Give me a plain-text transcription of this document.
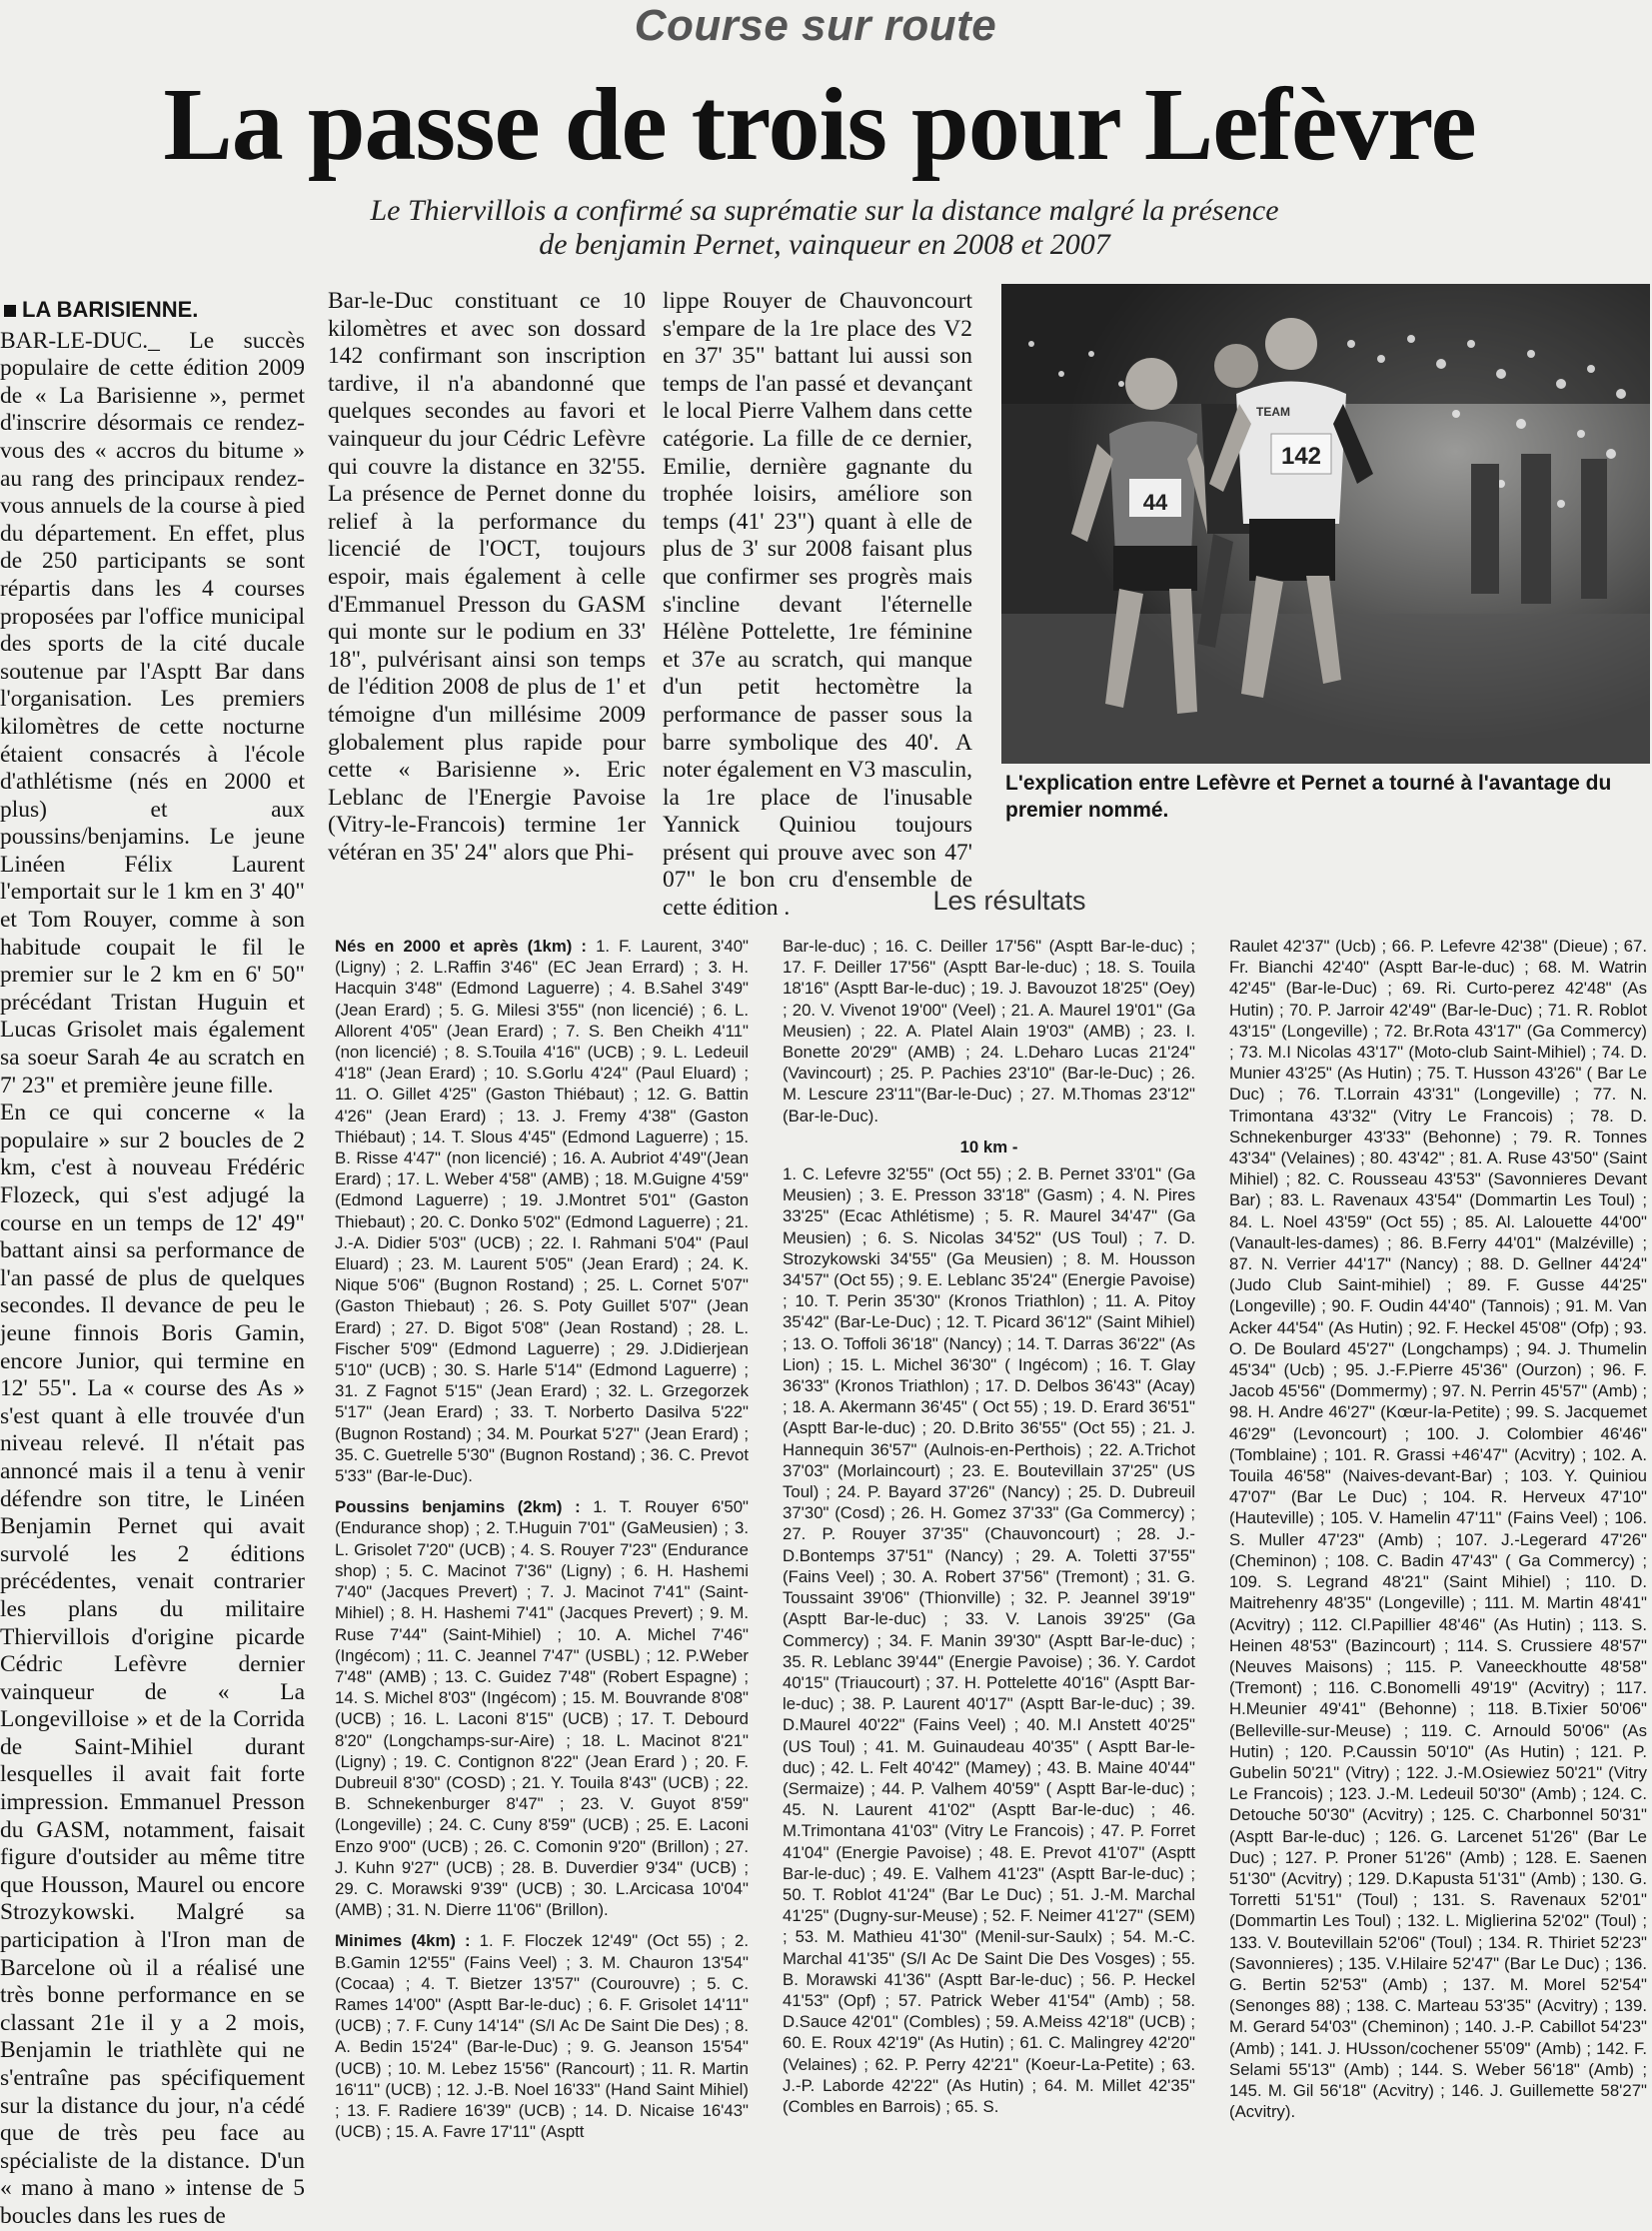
Course sur route
La passe de trois pour Lefèvre
Le Thiervillois a confirmé sa suprématie sur la distance malgré la présence
de benjamin Pernet, vainqueur en 2008 et 2007
LA BARISIENNE.

BAR-LE-DUC._ Le succès populaire de cette édition 2009 de « La Barisienne », permet d'inscrire désormais ce rendez-vous des « accros du bitume » au rang des principaux rendez-vous annuels de la course à pied du département. En effet, plus de 250 participants se sont répartis dans les 4 courses proposées par l'office municipal des sports de la cité ducale soutenue par l'Asptt Bar dans l'organisation. Les premiers kilomètres de cette nocturne étaient consacrés à l'école d'athlétisme (nés en 2000 et plus) et aux poussins/benjamins. Le jeune Linéen Félix Laurent l'emportait sur le 1 km en 3' 40" et Tom Rouyer, comme à son habitude coupait le fil le premier sur le 2 km en 6' 50" précédant Tristan Huguin et Lucas Grisolet mais également sa soeur Sarah 4e au scratch en 7' 23" et première jeune fille.

En ce qui concerne « la populaire » sur 2 boucles de 2 km, c'est à nouveau Frédéric Flozeck, qui s'est adjugé la course en un temps de 12' 49" battant ainsi sa performance de l'an passé de plus de quelques secondes. Il devance de peu le jeune finnois Boris Gamin, encore Junior, qui termine en 12' 55". La « course des As » s'est quant à elle trouvée d'un niveau relevé. Il n'était pas annoncé mais il a tenu à venir défendre son titre, le Linéen Benjamin Pernet qui avait survolé les 2 éditions précédentes, venait contrarier les plans du militaire Thiervillois d'origine picarde Cédric Lefèvre dernier vainqueur de « La Longevilloise » et de la Corrida de Saint-Mihiel durant lesquelles il avait fait forte impression. Emmanuel Presson du GASM, notamment, faisait figure d'outsider au même titre que Housson, Maurel ou encore Strozykowski. Malgré sa participation à l'Iron man de Barcelone où il a réalisé une très bonne performance en se classant 21e il y a 2 mois, Benjamin le triathlète qui ne s'entraîne pas spécifiquement sur la distance du jour, n'a cédé que de très peu face au spécialiste de la distance. D'un « mano à mano » intense de 5 boucles dans les rues de

Bar-le-Duc constituant ce 10 kilomètres et avec son dossard 142 confirmant son inscription tardive, il n'a abandonné que quelques secondes au favori et vainqueur du jour Cédric Lefèvre qui couvre la distance en 32'55. La présence de Pernet donne du relief à la performance du licencié de l'OCT, toujours espoir, mais également à celle d'Emmanuel Presson du GASM qui monte sur le podium en 33' 18", pulvérisant ainsi son temps de l'édition 2008 de plus de 1' et témoigne d'un millésime 2009 globalement plus rapide pour cette « Barisienne ». Eric Leblanc de l'Energie Pavoise (Vitry-le-Francois) termine 1er vétéran en 35' 24" alors que Phi-

lippe Rouyer de Chauvoncourt s'empare de la 1re place des V2 en 37' 35" battant lui aussi son temps de l'an passé et devançant le local Pierre Valhem dans cette catégorie. La fille de ce dernier, Emilie, dernière gagnante du trophée loisirs, améliore son temps (41' 23") quant à elle de plus de 3' sur 2008 faisant plus que confirmer ses progrès mais s'incline devant l'éternelle Hélène Pottelette, 1re féminine et 37e au scratch, qui manque d'un petit hectomètre la performance de passer sous la barre symbolique des 40'. A noter également en V3 masculin, la 1re place de l'inusable Yannick Quiniou toujours présent qui prouve avec son 47' 07" le bon cru d'ensemble de cette édition .

44
142
TEAM
L'explication entre Lefèvre et Pernet a tourné à l'avantage du premier nommé.
Les résultats

Nés en 2000 et après (1km) : 1. F. Laurent, 3'40" (Ligny) ; 2. L.Raffin 3'46" (EC Jean Errard) ; 3. H. Hacquin 3'48" (Edmond Laguerre) ; 4. B.Sahel 3'49" (Jean Erard) ; 5. G. Milesi 3'55" (non licencié) ; 6. L. Allorent 4'05" (Jean Erard) ; 7. S. Ben Cheikh 4'11" (non licencié) ; 8. S.Touila 4'16" (UCB) ; 9. L. Ledeuil 4'18" (Jean Erard) ; 10. S.Gorlu 4'24" (Paul Eluard) ; 11. O. Gillet 4'25" (Gaston Thiébaut) ; 12. G. Battin 4'26" (Jean Erard) ; 13. J. Fremy 4'38" (Gaston Thiébaut) ; 14. T. Slous 4'45" (Edmond Laguerre) ; 15. B. Risse 4'47" (non licencié) ; 16. A. Aubriot 4'49"(Jean Erard) ; 17. L. Weber 4'58" (AMB) ; 18. M.Guigne 4'59" (Edmond Laguerre) ; 19. J.Montret 5'01" (Gaston Thiebaut) ; 20. C. Donko 5'02" (Edmond Laguerre) ; 21. J.-A. Didier 5'03" (UCB) ; 22. I. Rahmani 5'04" (Paul Eluard) ; 23. M. Laurent 5'05" (Jean Erard) ; 24. K. Nique 5'06" (Bugnon Rostand) ; 25. L. Cornet 5'07" (Gaston Thiebaut) ; 26. S. Poty Guillet 5'07" (Jean Erard) ; 27. D. Bigot 5'08" (Jean Rostand) ; 28. L. Fischer 5'09" (Edmond Laguerre) ; 29. J.Didierjean 5'10" (UCB) ; 30. S. Harle 5'14" (Edmond Laguerre) ; 31. Z Fagnot 5'15" (Jean Erard) ; 32. L. Grzegorzek 5'17" (Jean Erard) ; 33. T. Norberto Dasilva 5'22" (Bugnon Rostand) ; 34. M. Pourkat 5'27" (Jean Erard) ; 35. C. Guetrelle 5'30" (Bugnon Rostand) ; 36. C. Prevot 5'33" (Bar-le-Duc).

Poussins benjamins (2km) : 1. T. Rouyer 6'50" (Endurance shop) ; 2. T.Huguin 7'01" (GaMeusien) ; 3. L. Grisolet 7'20" (UCB) ; 4. S. Rouyer 7'23" (Endurance shop) ; 5. C. Macinot 7'36" (Ligny) ; 6. H. Hashemi 7'40" (Jacques Prevert) ; 7. J. Macinot 7'41" (Saint-Mihiel) ; 8. H. Hashemi 7'41" (Jacques Prevert) ; 9. M. Ruse 7'44" (Saint-Mihiel) ; 10. A. Michel 7'46" (Ingécom) ; 11. C. Jeannel 7'47" (USBL) ; 12. P.Weber 7'48" (AMB) ; 13. C. Guidez 7'48" (Robert Espagne) ; 14. S. Michel 8'03" (Ingécom) ; 15. M. Bouvrande 8'08" (UCB) ; 16. L. Laconi 8'15" (UCB) ; 17. T. Debourd 8'20" (Longchamps-sur-Aire) ; 18. L. Macinot 8'21" (Ligny) ; 19. C. Contignon 8'22" (Jean Erard ) ; 20. F. Dubreuil 8'30" (COSD) ; 21. Y. Touila 8'43" (UCB) ; 22. B. Schnekenburger 8'47" ; 23. V. Guyot 8'59" (Longeville) ; 24. C. Cuny 8'59" (UCB) ; 25. E. Laconi Enzo 9'00" (UCB) ; 26. C. Comonin 9'20" (Brillon) ; 27. J. Kuhn 9'27" (UCB) ; 28. B. Duverdier 9'34" (UCB) ; 29. C. Morawski 9'39" (UCB) ; 30. L.Arcicasa 10'04" (AMB) ; 31. N. Dierre 11'06" (Brillon).

Minimes (4km) : 1. F. Floczek 12'49" (Oct 55) ; 2. B.Gamin 12'55" (Fains Veel) ; 3. M. Chauron 13'54" (Cocaa) ; 4. T. Bietzer 13'57" (Courouvre) ; 5. C. Rames 14'00" (Asptt Bar-le-duc) ; 6. F. Grisolet 14'11" (UCB) ; 7. F. Cuny 14'14" (S/I Ac De Saint Die Des) ; 8. A. Bedin 15'24" (Bar-le-Duc) ; 9. G. Jeanson 15'54" (UCB) ; 10. M. Lebez 15'56" (Rancourt) ; 11. R. Martin 16'11" (UCB) ; 12. J.-B. Noel 16'33" (Hand Saint Mihiel) ; 13. F. Radiere 16'39" (UCB) ; 14. D. Nicaise 16'43" (UCB) ; 15. A. Favre 17'11" (Asptt

Bar-le-duc) ; 16. C. Deiller 17'56" (Asptt Bar-le-duc) ; 17. F. Deiller 17'56" (Asptt Bar-le-duc) ; 18. S. Touila 18'16" (Asptt Bar-le-duc) ; 19. J. Bavouzot 18'25" (Oey) ; 20. V. Vivenot 19'00" (Veel) ; 21. A. Maurel 19'01" (Ga Meusien) ; 22. A. Platel Alain 19'03" (AMB) ; 23. I. Bonette 20'29" (AMB) ; 24. L.Deharo Lucas 21'24" (Vavincourt) ; 25. P. Pachies 23'10" (Bar-le-Duc) ; 26. M. Lescure 23'11"(Bar-le-Duc) ; 27. M.Thomas 23'12" (Bar-le-Duc).

10 km -

1. C. Lefevre 32'55" (Oct 55) ; 2. B. Pernet 33'01" (Ga Meusien) ; 3. E. Presson 33'18" (Gasm) ; 4. N. Pires 33'25" (Ecac Athlétisme) ; 5. R. Maurel 34'47" (Ga Meusien) ; 6. S. Nicolas 34'52" (US Toul) ; 7. D. Strozykowski 34'55" (Ga Meusien) ; 8. M. Housson 34'57" (Oct 55) ; 9. E. Leblanc 35'24" (Energie Pavoise) ; 10. T. Perin 35'30" (Kronos Triathlon) ; 11. A. Pitoy 35'42" (Bar-Le-Duc) ; 12. T. Picard 36'12" (Saint Mihiel) ; 13. O. Toffoli 36'18" (Nancy) ; 14. T. Darras 36'22" (As Lion) ; 15. L. Michel 36'30" ( Ingécom) ; 16. T. Glay 36'33" (Kronos Triathlon) ; 17. D. Delbos 36'43" (Acay) ; 18. A. Akermann 36'45" ( Oct 55) ; 19. D. Erard 36'51" (Asptt Bar-le-duc) ; 20. D.Brito 36'55" (Oct 55) ; 21. J. Hannequin 36'57" (Aulnois-en-Perthois) ; 22. A.Trichot 37'03" (Morlaincourt) ; 23. E. Boutevillain 37'25" (US Toul) ; 24. P. Bayard 37'26" (Nancy) ; 25. D. Dubreuil 37'30" (Cosd) ; 26. H. Gomez 37'33" (Ga Commercy) ; 27. P. Rouyer 37'35" (Chauvoncourt) ; 28. J.-D.Bontemps 37'51" (Nancy) ; 29. A. Toletti 37'55" (Fains Veel) ; 30. A. Robert 37'56" (Tremont) ; 31. G. Toussaint 39'06" (Thionville) ; 32. P. Jeannel 39'19" (Asptt Bar-le-duc) ; 33. V. Lanois 39'25" (Ga Commercy) ; 34. F. Manin 39'30" (Asptt Bar-le-duc) ; 35. R. Leblanc 39'44" (Energie Pavoise) ; 36. Y. Cardot 40'15" (Triaucourt) ; 37. H. Pottelette 40'16" (Asptt Bar-le-duc) ; 38. P. Laurent 40'17" (Asptt Bar-le-duc) ; 39. D.Maurel 40'22" (Fains Veel) ; 40. M.I Anstett 40'25" (US Toul) ; 41. M. Guinaudeau 40'35" ( Asptt Bar-le-duc) ; 42. L. Felt 40'42" (Mamey) ; 43. B. Maine 40'44" (Sermaize) ; 44. P. Valhem 40'59" ( Asptt Bar-le-duc) ; 45. N. Laurent 41'02" (Asptt Bar-le-duc) ; 46. M.Trimontana 41'03" (Vitry Le Francois) ; 47. P. Forret 41'04" (Energie Pavoise) ; 48. E. Prevot 41'07" (Asptt Bar-le-duc) ; 49. E. Valhem 41'23" (Asptt Bar-le-duc) ; 50. T. Roblot 41'24" (Bar Le Duc) ; 51. J.-M. Marchal 41'25" (Dugny-sur-Meuse) ; 52. F. Neimer 41'27" (SEM) ; 53. M. Mathieu 41'30" (Menil-sur-Saulx) ; 54. M.-C. Marchal 41'35" (S/I Ac De Saint Die Des Vosges) ; 55. B. Morawski 41'36" (Asptt Bar-le-duc) ; 56. P. Heckel 41'53" (Opf) ; 57. Patrick Weber 41'54" (Amb) ; 58. D.Sauce 42'01" (Combles) ; 59. A.Meiss 42'18" (UCB) ; 60. E. Roux 42'19" (As Hutin) ; 61. C. Malingrey 42'20" (Velaines) ; 62. P. Perry 42'21" (Koeur-La-Petite) ; 63. J.-P. Laborde 42'22" (As Hutin) ; 64. M. Millet 42'35" (Combles en Barrois) ; 65. S.

Raulet 42'37" (Ucb) ; 66. P. Lefevre 42'38" (Dieue) ; 67. Fr. Bianchi 42'40" (Asptt Bar-le-duc) ; 68. M. Watrin 42'45" (Bar-le-Duc) ; 69. Ri. Curto-perez 42'48" (As Hutin) ; 70. P. Jarroir 42'49" (Bar-le-Duc) ; 71. R. Roblot 43'15" (Longeville) ; 72. Br.Rota 43'17" (Ga Commercy) ; 73. M.I Nicolas 43'17" (Moto-club Saint-Mihiel) ; 74. D. Munier 43'25" (As Hutin) ; 75. T. Husson 43'26" ( Bar Le Duc) ; 76. T.Lorrain 43'31" (Longeville) ; 77. N. Trimontana 43'32" (Vitry Le Francois) ; 78. D. Schnekenburger 43'33" (Behonne) ; 79. R. Tonnes 43'34" (Velaines) ; 80. 43'42" ; 81. A. Ruse 43'50" (Saint Mihiel) ; 82. C. Rousseau 43'53" (Savonnieres Devant Bar) ; 83. L. Ravenaux 43'54" (Dommartin Les Toul) ; 84. L. Noel 43'59" (Oct 55) ; 85. Al. Lalouette 44'00" (Vanault-les-dames) ; 86. B.Ferry 44'01" (Malzéville) ; 87. N. Verrier 44'17" (Nancy) ; 88. D. Gellner 44'24" (Judo Club Saint-mihiel) ; 89. F. Gusse 44'25" (Longeville) ; 90. F. Oudin 44'40" (Tannois) ; 91. M. Van Acker 44'54" (As Hutin) ; 92. F. Heckel 45'08" (Ofp) ; 93. O. De Boulard 45'27" (Longchamps) ; 94. J. Thumelin 45'34" (Ucb) ; 95. J.-F.Pierre 45'36" (Ourzon) ; 96. F. Jacob 45'56" (Dommermy) ; 97. N. Perrin 45'57" (Amb) ; 98. H. Andre 46'27" (Kœur-la-Petite) ; 99. S. Jacquemet 46'29" (Levoncourt) ; 100. J. Colombier 46'46" (Tomblaine) ; 101. R. Grassi +46'47" (Acvitry) ; 102. A. Touila 46'58" (Naives-devant-Bar) ; 103. Y. Quiniou 47'07" (Bar Le Duc) ; 104. R. Herveux 47'10" (Hauteville) ; 105. V. Hamelin 47'11" (Fains Veel) ; 106. S. Muller 47'23" (Amb) ; 107. J.-Legerard 47'26" (Cheminon) ; 108. C. Badin 47'43" ( Ga Commercy) ; 109. S. Legrand 48'21" (Saint Mihiel) ; 110. D. Maitrehenry 48'35" (Longeville) ; 111. M. Martin 48'41" (Acvitry) ; 112. Cl.Papillier 48'46" (As Hutin) ; 113. S. Heinen 48'53" (Bazincourt) ; 114. S. Crussiere 48'57" (Neuves Maisons) ; 115. P. Vaneeckhoutte 48'58" (Tremont) ; 116. C.Bonomelli 49'19" (Acvitry) ; 117. H.Meunier 49'41" (Behonne) ; 118. B.Tixier 50'06" (Belleville-sur-Meuse) ; 119. C. Arnould 50'06" (As Hutin) ; 120. P.Caussin 50'10" (As Hutin) ; 121. P. Gubelin 50'21" (Vitry) ; 122. J.-M.Osiewiez 50'21" (Vitry Le Francois) ; 123. J.-M. Ledeuil 50'30" (Amb) ; 124. C. Detouche 50'30" (Acvitry) ; 125. C. Charbonnel 50'31" (Asptt Bar-le-duc) ; 126. G. Larcenet 51'26" (Bar Le Duc) ; 127. P. Proner 51'26" (Amb) ; 128. E. Saenen 51'30" (Acvitry) ; 129. D.Kapusta 51'31" (Amb) ; 130. G. Torretti 51'51" (Toul) ; 131. S. Ravenaux 52'01" (Dommartin Les Toul) ; 132. L. Miglierina 52'02" (Toul) ; 133. V. Boutevillain 52'06" (Toul) ; 134. R. Thiriet 52'23" (Savonnieres) ; 135. V.Hilaire 52'47" (Bar Le Duc) ; 136. G. Bertin 52'53" (Amb) ; 137. M. Morel 52'54" (Senonges 88) ; 138. C. Marteau 53'35" (Acvitry) ; 139. M. Gerard 54'03" (Cheminon) ; 140. J.-P. Cabillot 54'23" (Amb) ; 141. J. HUsson/cochener 55'09" (Amb) ; 142. F. Selami 55'13" (Amb) ; 144. S. Weber 56'18" (Amb) ; 145. M. Gil 56'18" (Acvitry) ; 146. J. Guillemette 58'27" (Acvitry).
